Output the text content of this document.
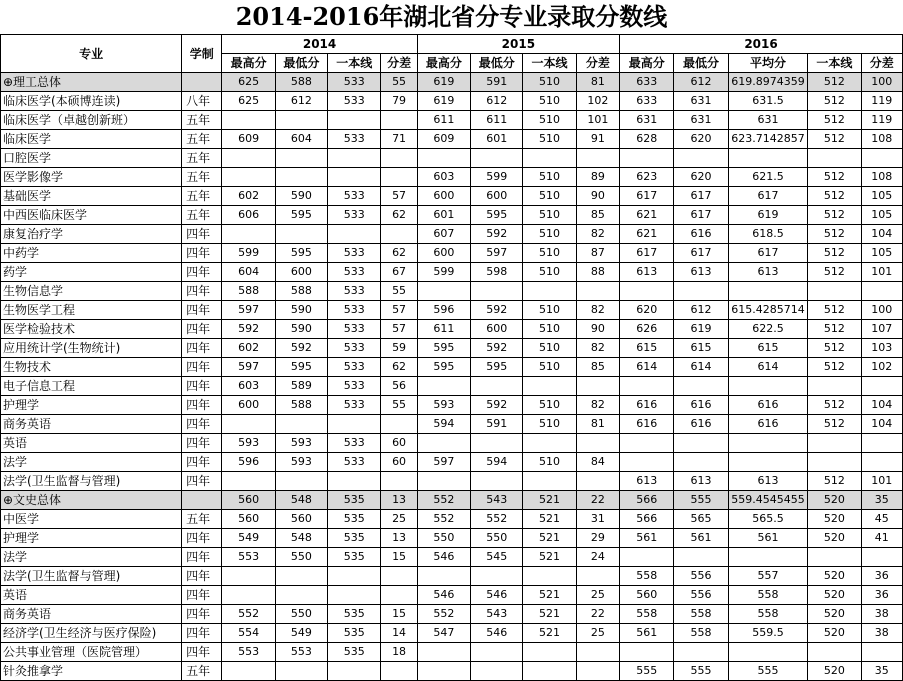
2014-2016年湖北省分专业录取分数线
专业	学制	2014				2015				2016				
		最高分	最低分	一本线	分差	最高分	最低分	一本线	分差	最高分	最低分	平均分	一本线	分差
⊕理工总体		625	588	533	55	619	591	510	81	633	612	619.8974359	512	100
临床医学(本硕博连读)	八年	625	612	533	79	619	612	510	102	633	631	631.5	512	119
临床医学（卓越创新班）	五年					611	611	510	101	631	631	631	512	119
临床医学	五年	609	604	533	71	609	601	510	91	628	620	623.7142857	512	108
口腔医学	五年													
医学影像学	五年					603	599	510	89	623	620	621.5	512	108
基础医学	五年	602	590	533	57	600	600	510	90	617	617	617	512	105
中西医临床医学	五年	606	595	533	62	601	595	510	85	621	617	619	512	105
康复治疗学	四年					607	592	510	82	621	616	618.5	512	104
中药学	四年	599	595	533	62	600	597	510	87	617	617	617	512	105
药学	四年	604	600	533	67	599	598	510	88	613	613	613	512	101
生物信息学	四年	588	588	533	55									
生物医学工程	四年	597	590	533	57	596	592	510	82	620	612	615.4285714	512	100
医学检验技术	四年	592	590	533	57	611	600	510	90	626	619	622.5	512	107
应用统计学(生物统计)	四年	602	592	533	59	595	592	510	82	615	615	615	512	103
生物技术	四年	597	595	533	62	595	595	510	85	614	614	614	512	102
电子信息工程	四年	603	589	533	56									
护理学	四年	600	588	533	55	593	592	510	82	616	616	616	512	104
商务英语	四年					594	591	510	81	616	616	616	512	104
英语	四年	593	593	533	60									
法学	四年	596	593	533	60	597	594	510	84					
法学(卫生监督与管理)	四年									613	613	613	512	101
⊕文史总体		560	548	535	13	552	543	521	22	566	555	559.4545455	520	35
中医学	五年	560	560	535	25	552	552	521	31	566	565	565.5	520	45
护理学	四年	549	548	535	13	550	550	521	29	561	561	561	520	41
法学	四年	553	550	535	15	546	545	521	24					
法学(卫生监督与管理)	四年									558	556	557	520	36
英语	四年					546	546	521	25	560	556	558	520	36
商务英语	四年	552	550	535	15	552	543	521	22	558	558	558	520	38
经济学(卫生经济与医疗保险)	四年	554	549	535	14	547	546	521	25	561	558	559.5	520	38
公共事业管理（医院管理）	四年	553	553	535	18									
针灸推拿学	五年									555	555	555	520	35
